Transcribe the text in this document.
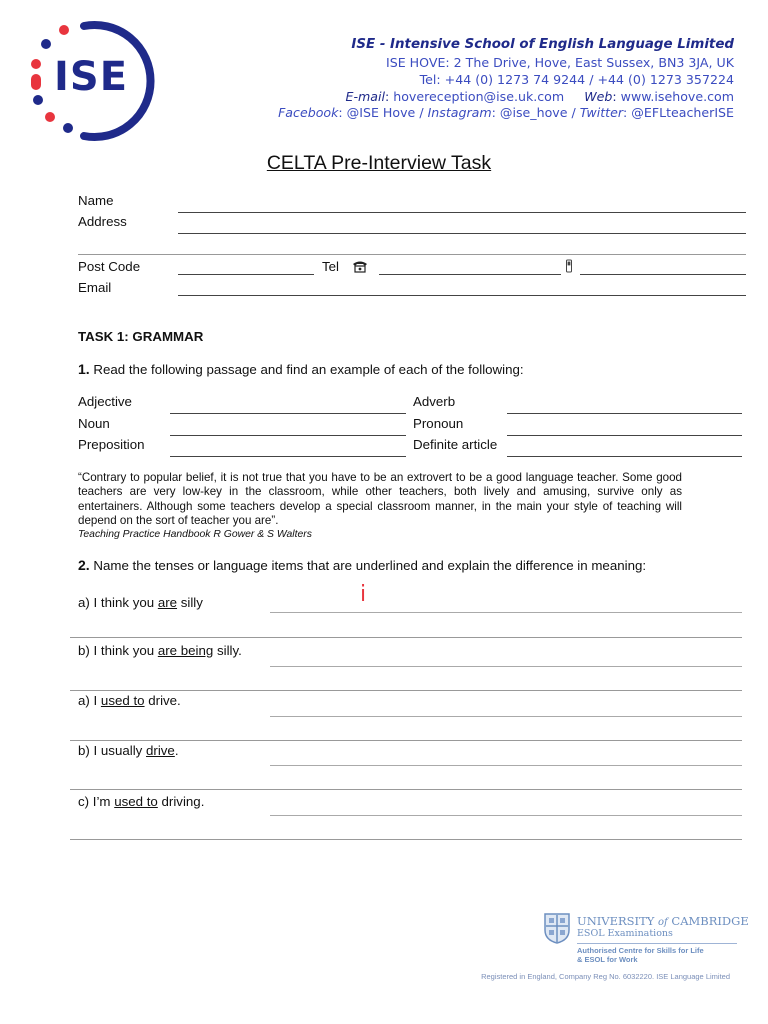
ISE
ISE - Intensive School of English Language Limited
ISE HOVE: 2 The Drive, Hove, East Sussex, BN3 3JA, UK
Tel: +44 (0) 1273 74 9244 / +44 (0) 1273 357224
E-mail: hovereception@ise.uk.com Web: www.isehove.com
Facebook: @ISE Hove / Instagram: @ise_hove / Twitter: @EFLteacherISE
CELTA Pre-Interview Task
Name
Address
Post Code	Tel
Email
TASK 1: GRAMMAR
1. Read the following passage and find an example of each of the following:
Adjective	Adverb
Noun	Pronoun
Preposition	Definite article
“Contrary to popular belief, it is not true that you have to be an extrovert to be a good language teacher. Some good teachers are very low-key in the classroom, while other teachers, both lively and amusing, survive only as entertainers. Although some teachers develop a special classroom manner, in the main your style of teaching will depend on the sort of teacher you are”.
Teaching Practice Handbook R Gower & S Walters
2. Name the tenses or language items that are underlined and explain the difference in meaning:
i
a) I think you are silly
b) I think you are being silly.
a) I used to drive.
b) I usually drive.
c) I’m used to driving.
UNIVERSITY of CAMBRIDGE
ESOL Examinations
Authorised Centre for Skills for Life
& ESOL for Work
Registered in England, Company Reg No. 6032220. ISE Language Limited
